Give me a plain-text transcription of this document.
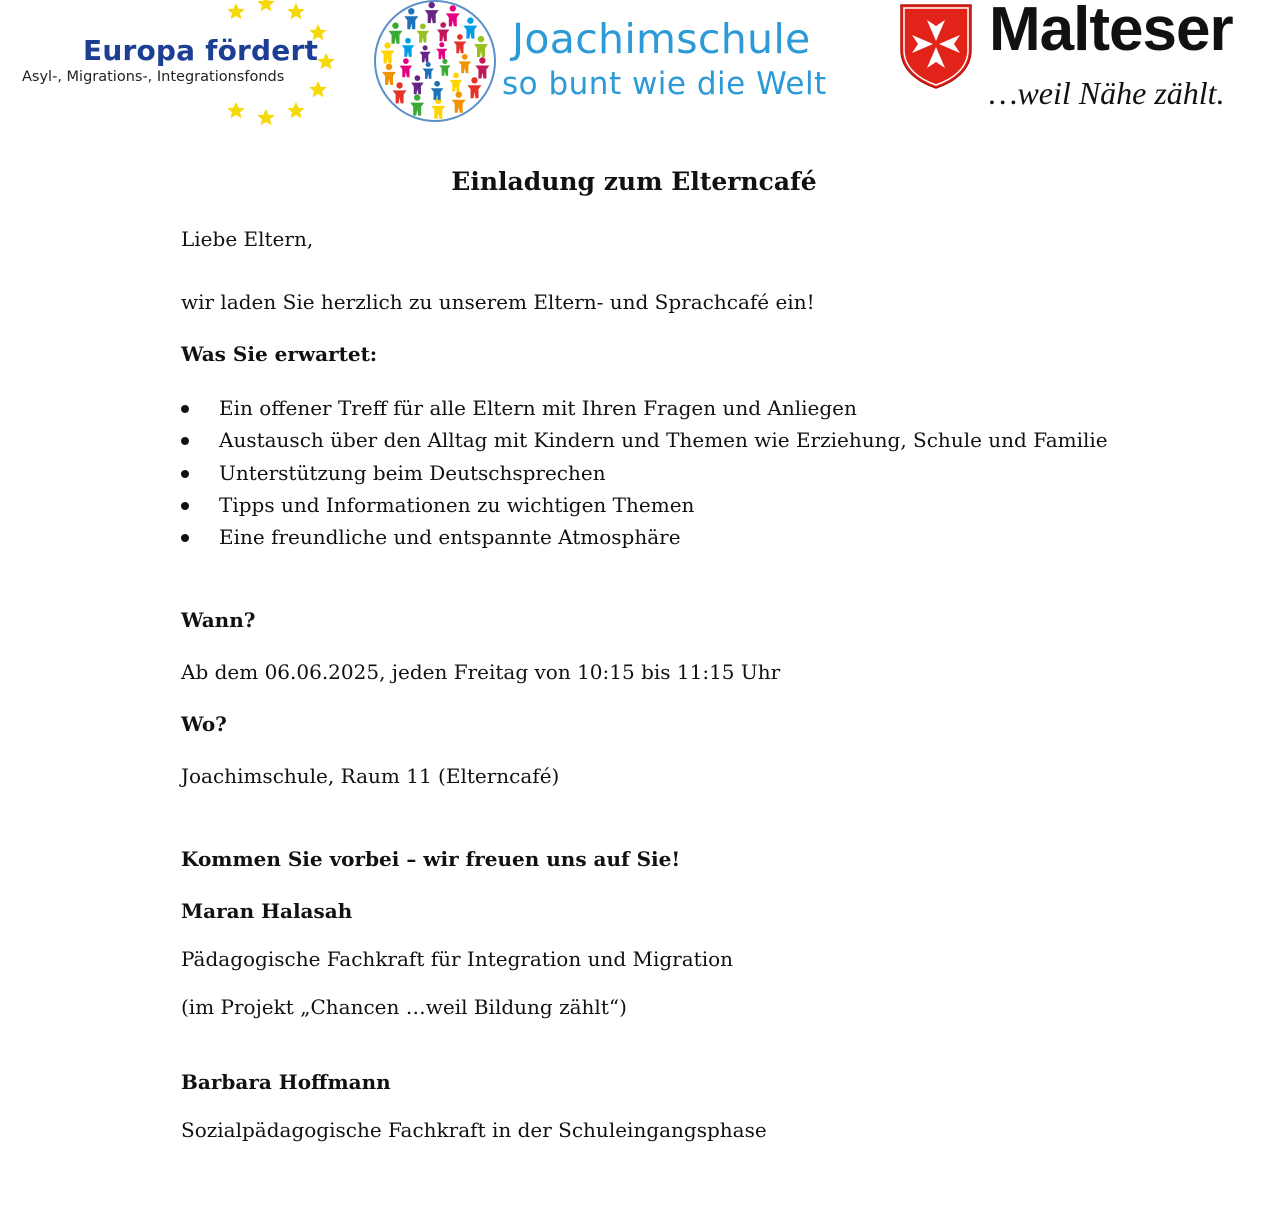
Europa fördert
Asyl-, Migrations-, Integrationsfonds
Joachimschule
so bunt wie die Welt
Malteser
…weil Nähe zählt.
Einladung zum Elterncafé

Liebe Eltern,

wir laden Sie herzlich zu unserem Eltern- und Sprachcafé ein!

Was Sie erwartet:

Ein offener Treff für alle Eltern mit Ihren Fragen und Anliegen
Austausch über den Alltag mit Kindern und Themen wie Erziehung, Schule und Familie
Unterstützung beim Deutschsprechen
Tipps und Informationen zu wichtigen Themen
Eine freundliche und entspannte Atmosphäre

Wann?

Ab dem 06.06.2025, jeden Freitag von 10:15 bis 11:15 Uhr

Wo?

Joachimschule, Raum 11 (Elterncafé)

Kommen Sie vorbei – wir freuen uns auf Sie!

Maran Halasah

Pädagogische Fachkraft für Integration und Migration

(im Projekt „Chancen …weil Bildung zählt“)

Barbara Hoffmann

Sozialpädagogische Fachkraft in der Schuleingangsphase
